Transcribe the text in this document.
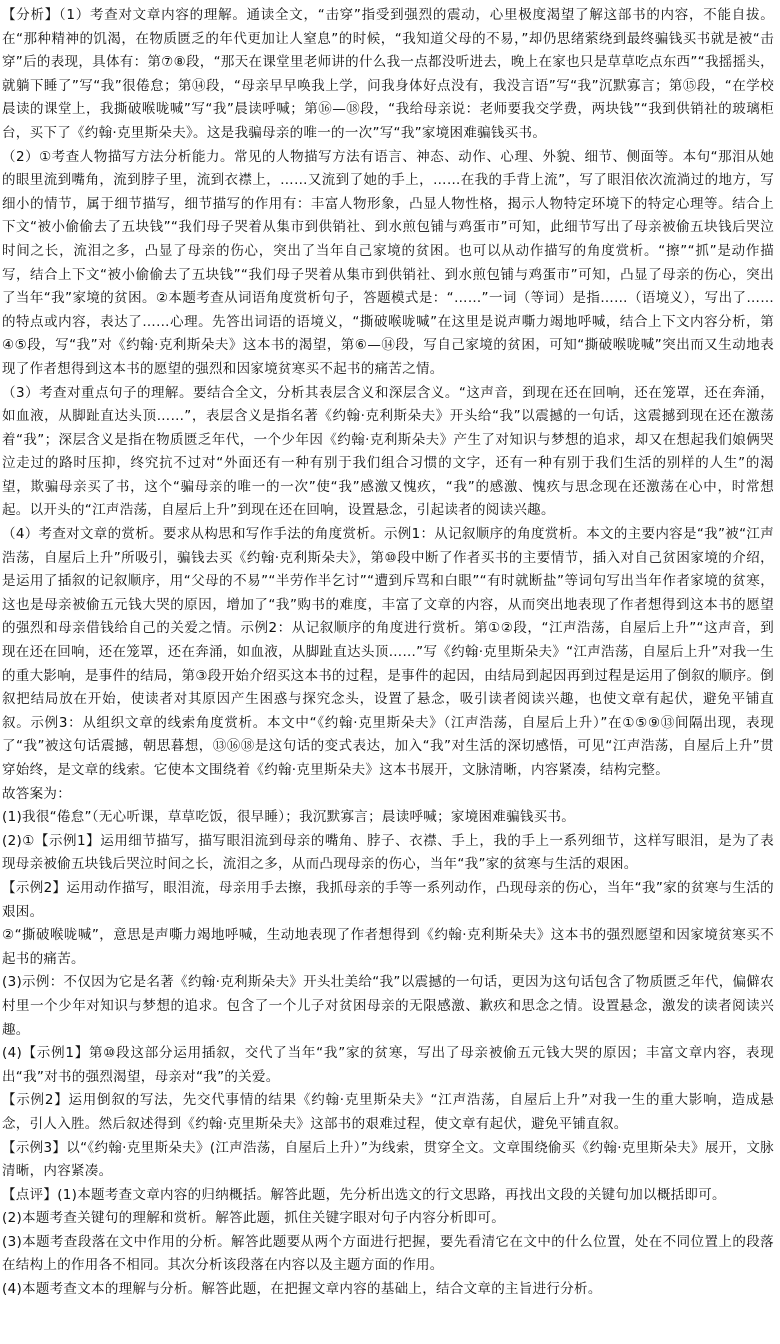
【分析】（1）考查对文章内容的理解。通读全文，“击穿”指受到强烈的震动，心里极度渴望了解这部书的内容，不能自拔。在“那种精神的饥渴，在物质匮乏的年代更加让人窒息”的时候，“我知道父母的不易，”却仍思绪萦绕到最终骗钱买书就是被“击穿”后的表现，具体有：第⑦⑧段，“那天在课堂里老师讲的什么我一点都没听进去，晚上在家也只是草草吃点东西”“我摇摇头，就躺下睡了”写“我”很倦怠；第⑭段，“母亲早早唤我上学，问我身体好点没有，我没言语”写“我”沉默寡言；第⑮段，“在学校晨读的课堂上，我撕破喉咙喊”写“我”晨读呼喊；第⑯—⑱段，“我给母亲说：老师要我交学费，两块钱”“我到供销社的玻璃柜台，买下了《约翰·克里斯朵夫》。这是我骗母亲的唯一的一次”写“我”家境困难骗钱买书。

（2）①考查人物描写方法分析能力。常见的人物描写方法有语言、神态、动作、心理、外貌、细节、侧面等。本句“那泪从她的眼里流到嘴角，流到脖子里，流到衣襟上，……又流到了她的手上，……在我的手背上流”，写了眼泪依次流淌过的地方，写细小的情节，属于细节描写，细节描写的作用有：丰富人物形象，凸显人物性格，揭示人物特定环境下的特定心理等。结合上下文“被小偷偷去了五块钱”“我们母子哭着从集市到供销社、到水煎包铺与鸡蛋市”可知，此细节写出了母亲被偷五块钱后哭泣时间之长，流泪之多，凸显了母亲的伤心，突出了当年自己家境的贫困。也可以从动作描写的角度赏析。“擦”“抓”是动作描写，结合上下文“被小偷偷去了五块钱”“我们母子哭着从集市到供销社、到水煎包铺与鸡蛋市”可知，凸显了母亲的伤心，突出了当年“我”家境的贫困。②本题考查从词语角度赏析句子，答题模式是：“……”一词（等词）是指……（语境义），写出了……的特点或内容，表达了……心理。先答出词语的语境义，“撕破喉咙喊”在这里是说声嘶力竭地呼喊，结合上下文内容分析，第④⑤段，写“我”对《约翰·克利斯朵夫》这本书的渴望，第⑥—⑭段，写自己家境的贫困，可知“撕破喉咙喊”突出而又生动地表现了作者想得到这本书的愿望的强烈和因家境贫寒买不起书的痛苦之情。

（3）考查对重点句子的理解。要结合全文，分析其表层含义和深层含义。“这声音，到现在还在回响，还在笼罩，还在奔涌，如血液，从脚趾直达头顶……”，表层含义是指名著《约翰·克利斯朵夫》开头给“我”以震撼的一句话，这震撼到现在还在激荡着“我”；深层含义是指在物质匮乏年代，一个少年因《约翰·克利斯朵夫》产生了对知识与梦想的追求，却又在想起我们娘俩哭泣走过的路时压抑，终究抗不过对“外面还有一种有别于我们组合习惯的文字，还有一种有别于我们生活的别样的人生”的渴望，欺骗母亲买了书，这个“骗母亲的唯一的一次”使“我”感激又愧疚，“我”的感激、愧疚与思念现在还激荡在心中，时常想起。以开头的“江声浩荡，自屋后上升”到现在还在回响，设置悬念，引起读者的阅读兴趣。

（4）考查对文章的赏析。要求从构思和写作手法的角度赏析。示例1：从记叙顺序的角度赏析。本文的主要内容是“我”被“江声浩荡，自屋后上升”所吸引，骗钱去买《约翰·克利斯朵夫》，第⑩段中断了作者买书的主要情节，插入对自己贫困家境的介绍，是运用了插叙的记叙顺序，用“父母的不易”“半劳作半乞讨”“遭到斥骂和白眼”“有时就断盐”等词句写出当年作者家境的贫寒，这也是母亲被偷五元钱大哭的原因，增加了“我”购书的难度，丰富了文章的内容，从而突出地表现了作者想得到这本书的愿望的强烈和母亲借钱给自己的关爱之情。示例2：从记叙顺序的角度进行赏析。第①②段，“江声浩荡，自屋后上升”“这声音，到现在还在回响，还在笼罩，还在奔涌，如血液，从脚趾直达头顶……”写《约翰·克里斯朵夫》“江声浩荡，自屋后上升”对我一生的重大影响，是事件的结局，第③段开始介绍买这本书的过程，是事件的起因，由结局到起因再到过程是运用了倒叙的顺序。倒叙把结局放在开始，使读者对其原因产生困惑与探究念头，设置了悬念，吸引读者阅读兴趣，也使文章有起伏，避免平铺直叙。示例3：从组织文章的线索角度赏析。本文中“《约翰·克里斯朵夫》（江声浩荡，自屋后上升）”在①⑤⑨⑬间隔出现，表现了“我”被这句话震撼，朝思暮想，⑬⑯⑱是这句话的变式表达，加入“我”对生活的深切感悟，可见“江声浩荡，自屋后上升”贯穿始终，是文章的线索。它使本文围绕着《约翰·克里斯朵夫》这本书展开，文脉清晰，内容紧凑，结构完整。

故答案为：

(1)我很“倦怠”（无心听课，草草吃饭，很早睡）；我沉默寡言；晨读呼喊；家境困难骗钱买书。

(2)①【示例1】运用细节描写，描写眼泪流到母亲的嘴角、脖子、衣襟、手上，我的手上一系列细节，这样写眼泪，是为了表现母亲被偷五块钱后哭泣时间之长，流泪之多，从而凸现母亲的伤心，当年“我”家的贫寒与生活的艰困。

【示例2】运用动作描写，眼泪流，母亲用手去擦，我抓母亲的手等一系列动作，凸现母亲的伤心，当年“我”家的贫寒与生活的艰困。

②“撕破喉咙喊”，意思是声嘶力竭地呼喊，生动地表现了作者想得到《约翰·克利斯朵夫》这本书的强烈愿望和因家境贫寒买不起书的痛苦。

(3)示例：不仅因为它是名著《约翰·克利斯朵夫》开头壮美给“我”以震撼的一句话，更因为这句话包含了物质匮乏年代，偏僻农村里一个少年对知识与梦想的追求。包含了一个儿子对贫困母亲的无限感激、歉疚和思念之情。设置悬念，激发的读者阅读兴趣。

(4)【示例1】第⑩段这部分运用插叙，交代了当年“我”家的贫寒，写出了母亲被偷五元钱大哭的原因；丰富文章内容，表现出“我”对书的强烈渴望，母亲对“我”的关爱。

【示例2】运用倒叙的写法，先交代事情的结果《约翰·克里斯朵夫》“江声浩荡，自屋后上升”对我一生的重大影响，造成悬念，引人入胜。然后叙述得到《约翰·克里斯朵夫》这部书的艰难过程，使文章有起伏，避免平铺直叙。

【示例3】以“《约翰·克里斯朵夫》(江声浩荡，自屋后上升）”为线索，贯穿全文。文章围绕偷买《约翰·克里斯朵夫》展开，文脉清晰，内容紧凑。

【点评】(1)本题考查文章内容的归纳概括。解答此题，先分析出选文的行文思路，再找出文段的关键句加以概括即可。

(2)本题考查关键句的理解和赏析。解答此题，抓住关键字眼对句子内容分析即可。

(3)本题考查段落在文中作用的分析。解答此题要从两个方面进行把握，要先看清它在文中的什么位置，处在不同位置上的段落在结构上的作用各不相同。其次分析该段落在内容以及主题方面的作用。

(4)本题考查文本的理解与分析。解答此题，在把握文章内容的基础上，结合文章的主旨进行分析。
